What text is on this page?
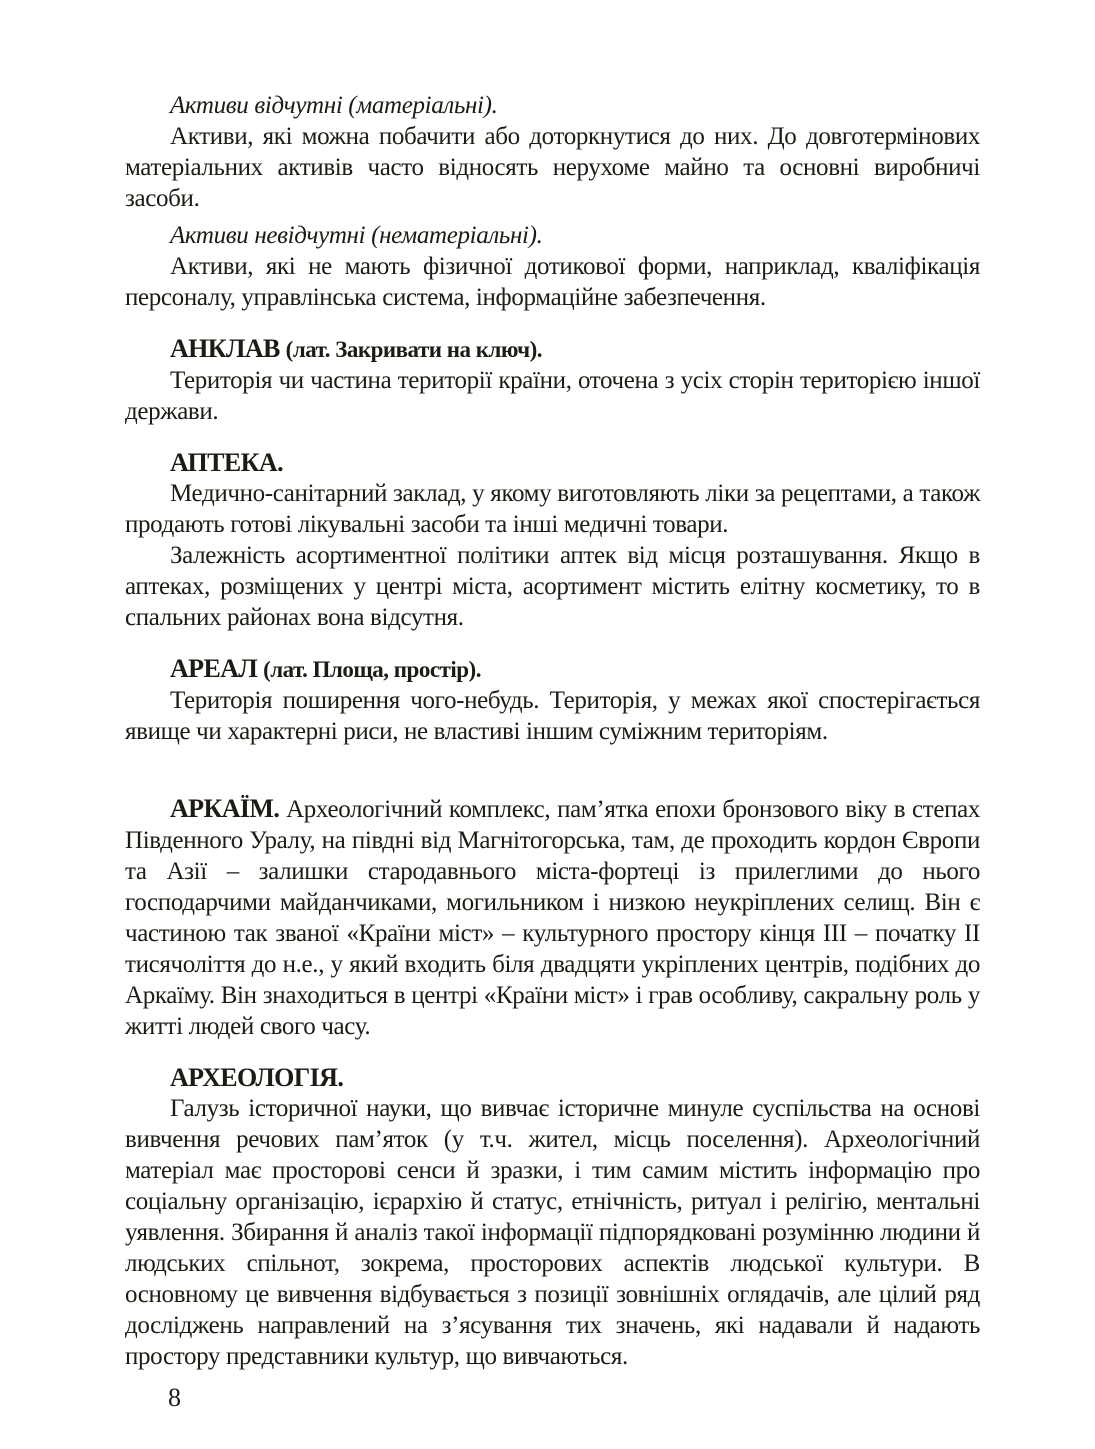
Активи відчутні (матеріальні).

Активи, які можна побачити або доторкнутися до них. До довготермінових матеріальних активів часто відносять нерухоме майно та основні виробничі засоби.

Активи невідчутні (нематеріальні).

Активи, які не мають фізичної дотикової форми, наприклад, кваліфікація персоналу, управлінська система, інформаційне забезпечення.

АНКЛАВ (лат. Закривати на ключ).

Територія чи частина території країни, оточена з усіх сторін територією іншої держави.

АПТЕКА.

Медично-санітарний заклад, у якому виготовляють ліки за рецептами, а також продають готові лікувальні засоби та інші медичні товари.

Залежність асортиментної політики аптек від місця розташування. Якщо в аптеках, розміщених у центрі міста, асортимент містить елітну косметику, то в спальних районах вона відсутня.

АРЕАЛ (лат. Площа, простір).

Територія поширення чого-небудь. Територія, у межах якої спостерігається явище чи характерні риси, не властиві іншим суміжним територіям.

АРКАЇМ. Археологічний комплекс, пам’ятка епохи бронзового віку в степах Південного Уралу, на півдні від Магнітогорська, там, де проходить кордон Європи та Азії – залишки стародавнього міста-фортеці із прилеглими до нього господарчими майданчиками, могильником і низкою неукріплених селищ. Він є частиною так званої «Країни міст» – культурного простору кінця ІІІ – початку ІІ тисячоліття до н.е., у який входить біля двадцяти укріплених центрів, подібних до Аркаїму. Він знаходиться в центрі «Країни міст» і грав особливу, сакральну роль у житті людей свого часу.

АРХЕОЛОГІЯ.

Галузь історичної науки, що вивчає історичне минуле суспільства на основі вивчення речових пам’яток (у т.ч. жител, місць поселення). Археологічний матеріал має просторові сенси й зразки, і тим самим містить інформацію про соціальну організацію, ієрархію й статус, етнічність, ритуал і релігію, ментальні уявлення. Збирання й аналіз такої інформації підпорядковані розумінню людини й людських спільнот, зокрема, просторових аспектів людської культури. В основному це вивчення відбувається з позиції зовнішніх оглядачів, але цілий ряд досліджень направлений на з’ясування тих значень, які надавали й надають простору представники культур, що вивчаються.

8
